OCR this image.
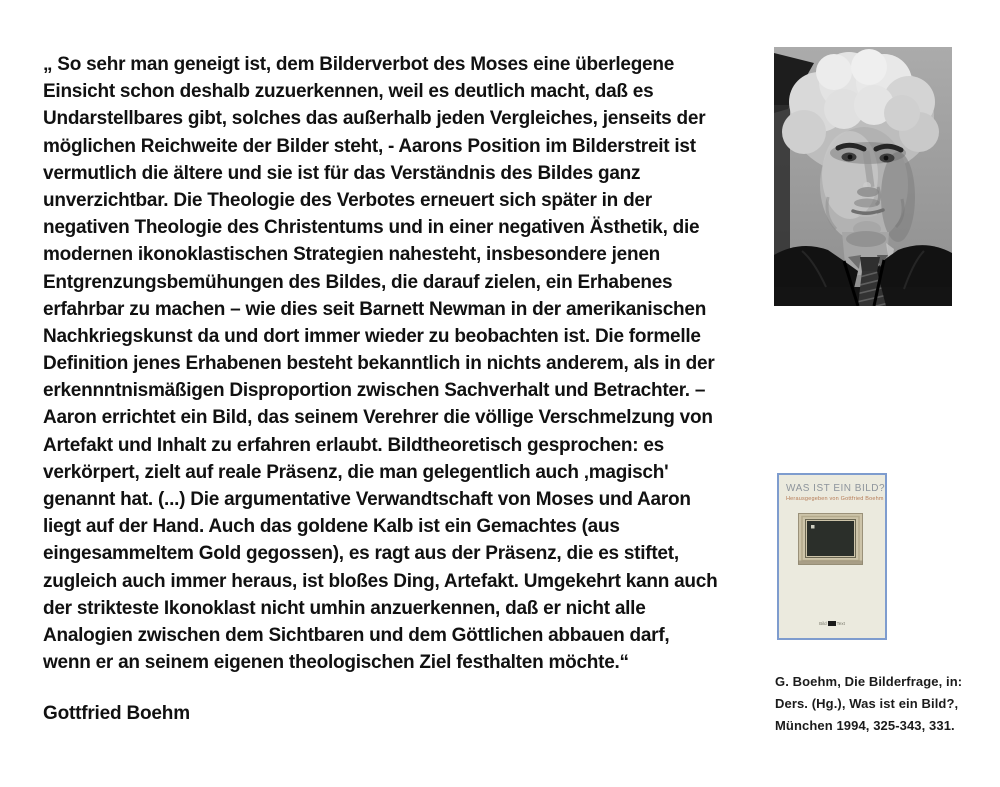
„ So sehr man geneigt ist, dem Bilderverbot des Moses eine überlegene
Einsicht schon deshalb zuzuerkennen, weil es deutlich macht, daß es
Undarstellbares gibt, solches das außerhalb jeden Vergleiches, jenseits der
möglichen Reichweite der Bilder steht, - Aarons Position im Bilderstreit ist
vermutlich die ältere und sie ist für das Verständnis des Bildes ganz
unverzichtbar. Die Theologie des Verbotes erneuert sich später in der
negativen Theologie des Christentums und in einer negativen Ästhetik, die
modernen ikonoklastischen Strategien nahesteht, insbesondere jenen
Entgrenzungsbemühungen des Bildes, die darauf zielen, ein Erhabenes
erfahrbar zu machen – wie dies seit Barnett Newman in der amerikanischen
Nachkriegskunst da und dort immer wieder zu beobachten ist. Die formelle
Definition jenes Erhabenen besteht bekanntlich in nichts anderem, als in der
erkennntnismäßigen Disproportion zwischen Sachverhalt und Betrachter. –
Aaron errichtet ein Bild, das seinem Verehrer die völlige Verschmelzung von
Artefakt und Inhalt zu erfahren erlaubt. Bildtheoretisch gesprochen: es
verkörpert, zielt auf reale Präsenz, die man gelegentlich auch ‚magisch'
genannt hat. (...) Die argumentative Verwandtschaft von Moses und Aaron
liegt auf der Hand. Auch das goldene Kalb ist ein Gemachtes (aus
eingesammeltem Gold gegossen), es ragt aus der Präsenz, die es stiftet,
zugleich auch immer heraus, ist bloßes Ding, Artefakt. Umgekehrt kann auch
der strikteste Ikonoklast nicht umhin anzuerkennen, daß er nicht alle
Analogien zwischen dem Sichtbaren und dem Göttlichen abbauen darf,
wenn er an seinem eigenen theologischen Ziel festhalten möchte.“
Gottfried Boehm
WAS IST EIN BILD?
Herausgegeben von Gottfried Boehm
Bild Text
G. Boehm, Die Bilderfrage, in:
Ders. (Hg.), Was ist ein Bild?,
München 1994, 325-343, 331.
